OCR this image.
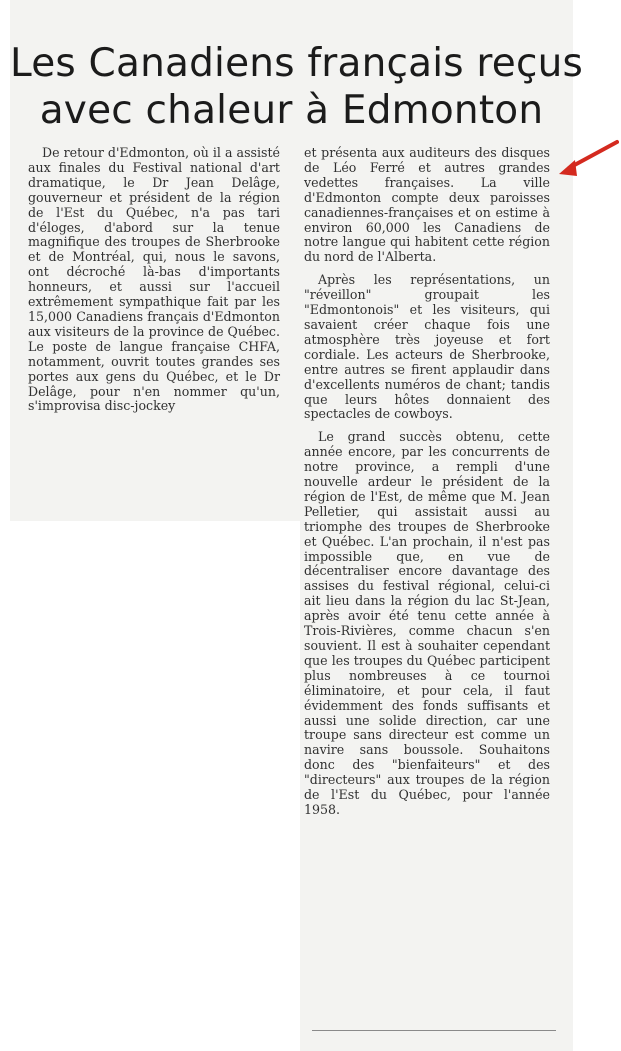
Les Canadiens français reçus
avec chaleur à Edmonton

De retour d'Edmonton, où il a assisté aux finales du Festival national d'art dramatique, le Dr Jean Delâge, gouverneur et président de la région de l'Est du Québec, n'a pas tari d'éloges, d'abord sur la tenue magnifique des troupes de Sherbrooke et de Montréal, qui, nous le savons, ont décroché là-bas d'importants honneurs, et aussi sur l'accueil extrêmement sympathique fait par les 15,000 Canadiens français d'Edmonton aux visiteurs de la province de Québec. Le poste de langue française CHFA, notamment, ouvrit toutes grandes ses portes aux gens du Québec, et le Dr Delâge, pour n'en nommer qu'un, s'improvisa disc-jockey

et présenta aux auditeurs des disques de Léo Ferré et autres grandes vedettes françaises. La ville d'Edmonton compte deux paroisses canadiennes-françaises et on estime à environ 60,000 les Canadiens de notre langue qui habitent cette région du nord de l'Alberta.

Après les représentations, un "réveillon" groupait les "Edmontonois" et les visiteurs, qui savaient créer chaque fois une atmosphère très joyeuse et fort cordiale. Les acteurs de Sherbrooke, entre autres se firent applaudir dans d'excellents numéros de chant; tandis que leurs hôtes donnaient des spectacles de cowboys.

Le grand succès obtenu, cette année encore, par les concurrents de notre province, a rempli d'une nouvelle ardeur le président de la région de l'Est, de même que M. Jean Pelletier, qui assistait aussi au triomphe des troupes de Sherbrooke et Québec. L'an prochain, il n'est pas impossible que, en vue de décentraliser encore davantage des assises du festival régional, celui-ci ait lieu dans la région du lac St-Jean, après avoir été tenu cette année à Trois-Rivières, comme chacun s'en souvient. Il est à souhaiter cependant que les troupes du Québec participent plus nombreuses à ce tournoi éliminatoire, et pour cela, il faut évidemment des fonds suffisants et aussi une solide direction, car une troupe sans directeur est comme un navire sans boussole. Souhaitons donc des "bienfaiteurs" et des "directeurs" aux troupes de la région de l'Est du Québec, pour l'année 1958.
